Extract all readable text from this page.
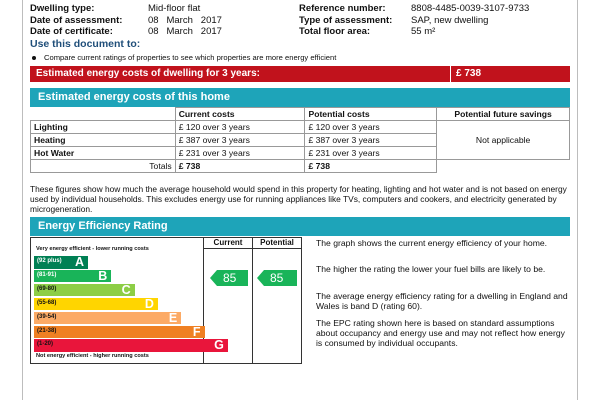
Dwelling type:	Mid-floor flat	Reference number:	8808-4485-0039-3107-9733
Date of assessment:	08   March   2017	Type of assessment:	SAP, new dwelling
Date of certificate:	08   March   2017	Total floor area:	55 m²
Use this document to:
Compare current ratings of properties to see which properties are more energy efficient
Estimated energy costs of dwelling for 3 years:	£ 738
Estimated energy costs of this home
	Current costs	Potential costs	Potential future savings
Lighting	£ 120 over 3 years	£ 120 over 3 years	Not applicable
Heating	£ 387 over 3 years	£ 387 over 3 years	
Hot Water	£ 231 over 3 years	£ 231 over 3 years	
Totals	£ 738	£ 738	
These figures show how much the average household would spend in this property for heating, lighting and hot water and is not based on energy used by individual households. This excludes energy use for running appliances like TVs, computers and cookers, and electricity generated by microgeneration.
Energy Efficiency Rating
Current	Potential
Very energy efficient - lower running costs
(92 plus) A
(81-91)	B
(69-80)	C
(55-68)	D
(39-54)	E
(21-38)	F
(1-20)	G
Not energy efficient - higher running costs
85	85
The graph shows the current energy efficiency of your home.
The higher the rating the lower your fuel bills are likely to be.
The average energy efficiency rating for a dwelling in England and Wales is band D (rating 60).
The EPC rating shown here is based on standard assumptions about occupancy and energy use and may not reflect how energy is consumed by individual occupants.
